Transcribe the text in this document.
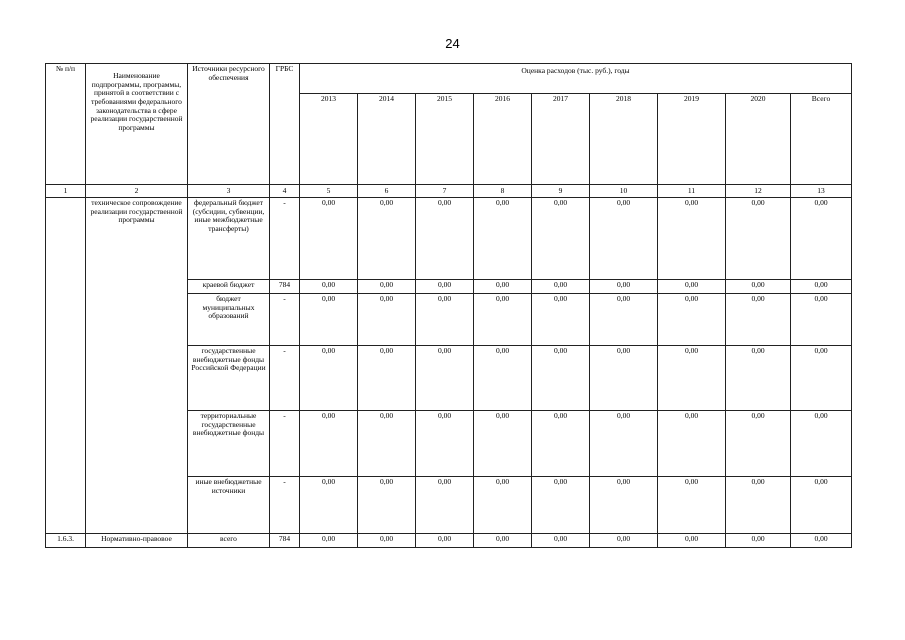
24
№ п/п	Наименование подпрограммы, программы, принятой в соответствии с требованиями федерального законодательства в сфере реализации государственной программы	Источники ресурсного обеспечения	ГРБС	Оценка расходов (тыс. руб.), годы								
				2013	2014	2015	2016	2017	2018	2019	2020	Всего
1	2	3	4	5	6	7	8	9	10	11	12	13
	техническое сопровождение реализации государственной программы	федеральный бюджет (субсидии, субвенции, иные межбюджетные трансферты)	-	0,00	0,00	0,00	0,00	0,00	0,00	0,00	0,00	0,00
		краевой бюджет	784	0,00	0,00	0,00	0,00	0,00	0,00	0,00	0,00	0,00
		бюджет муниципальных образований	-	0,00	0,00	0,00	0,00	0,00	0,00	0,00	0,00	0,00
		государственные внебюджетные фонды Российской Федерации	-	0,00	0,00	0,00	0,00	0,00	0,00	0,00	0,00	0,00
		территориальные государственные внебюджетные фонды	-	0,00	0,00	0,00	0,00	0,00	0,00	0,00	0,00	0,00
		иные внебюджетные источники	-	0,00	0,00	0,00	0,00	0,00	0,00	0,00	0,00	0,00
1.6.3.	Нормативно-правовое	всего	784	0,00	0,00	0,00	0,00	0,00	0,00	0,00	0,00	0,00
